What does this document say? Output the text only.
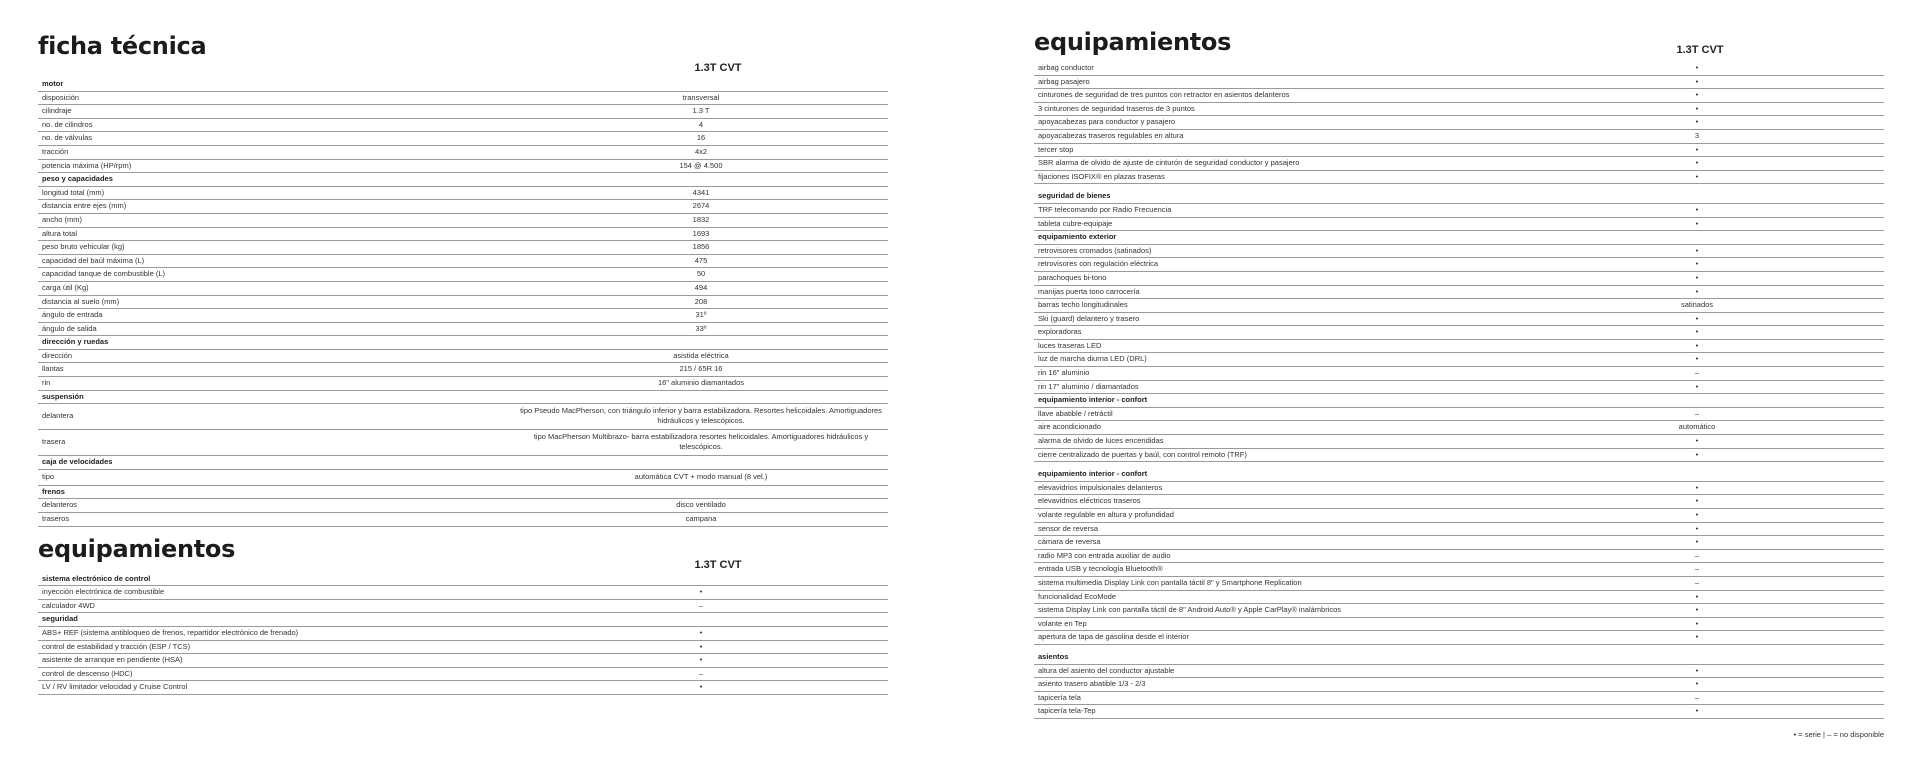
ficha técnica
1.3T CVT
motor	
disposición	transversal
cilindraje	1.3 T
no. de cilindros	4
no. de válvulas	16
tracción	4x2
potencia máxima (HP/rpm)	154 @ 4.500
peso y capacidades	
longitud total (mm)	4341
distancia entre ejes (mm)	2674
ancho (mm)	1832
altura total	1693
peso bruto vehicular (kg)	1856
capacidad del baúl máxima (L)	475
capacidad tanque de combustible (L)	50
carga útil (Kg)	494
distancia al suelo (mm)	208
ángulo de entrada	31º
ángulo de salida	33º
dirección y ruedas	
dirección	asistida eléctrica
llantas	215 / 65R 16
rin	16" aluminio diamantados
suspensión	
delantera	tipo Pseudo MacPherson, con triángulo inferior y barra estabilizadora. Resortes helicoidales. Amortiguadores hidráulicos y telescópicos.
trasera	tipo MacPherson Multibrazo- barra estabilizadora resortes helicoidales. Amortiguadores hidráulicos y telescópicos.
caja de velocidades	
tipo	automática CVT + modo manual (8 vel.)
frenos	
delanteros	disco ventilado
traseros	campana
equipamientos
1.3T CVT
sistema electrónico de control	
inyección electrónica de combustible	•
calculador 4WD	–
seguridad	
ABS+ REF (sistema antibloqueo de frenos, repartidor electrónico de frenado)	•
control de estabilidad y tracción (ESP / TCS)	•
asistente de arranque en pendiente (HSA)	•
control de descenso (HDC)	–
LV / RV limitador velocidad y Cruise Control	•
equipamientos	1.3T CVT
airbag conductor	•
airbag pasajero	•
cinturones de seguridad de tres puntos con retractor en asientos delanteros	•
3 cinturones de seguridad traseros de 3 puntos	•
apoyacabezas para conductor y pasajero	•
apoyacabezas traseros regulables en altura	3
tercer stop	•
SBR alarma de olvido de ajuste de cinturón de seguridad conductor y pasajero	•
fijaciones ISOFIX® en plazas traseras	•

seguridad de bienes	
TRF telecomando por Radio Frecuencia	•
tableta cubre-equipaje	•
equipamiento exterior	
retrovisores cromados (satinados)	•
retrovisores con regulación eléctrica	•
parachoques bi-tono	•
manijas puerta tono carrocería	•
barras techo longitudinales	satinados
Ski (guard) delantero y trasero	•
exploradoras	•
luces traseras LED	•
luz de marcha diurna LED (DRL)	•
rin 16" aluminio	–
rin 17" aluminio / diamantados	•
equipamiento interior - confort	
llave abatible / retráctil	–
aire acondicionado	automático
alarma de olvido de luces encendidas	•
cierre centralizado de puertas y baúl, con control remoto (TRF)	•

equipamiento interior - confort	
elevavidrios impulsionales delanteros	•
elevavidrios eléctricos traseros	•
volante regulable en altura y profundidad	•
sensor de reversa	•
cámara de reversa	•
radio MP3 con entrada auxiliar de audio	–
entrada USB y tecnología Bluetooth®	–
sistema multimedia Display Link con pantalla táctil 8" y Smartphone Replication	–
funcionalidad EcoMode	•
sistema Display Link con pantalla táctil de 8" Android Auto® y Apple CarPlay® inalámbricos	•
volante en Tep	•
apertura de tapa de gasolina desde el interior	•

asientos	
altura del asiento del conductor ajustable	•
asiento trasero abatible 1/3 - 2/3	•
tapicería tela	–
tapicería tela-Tep	•
• = serie | – = no disponible
